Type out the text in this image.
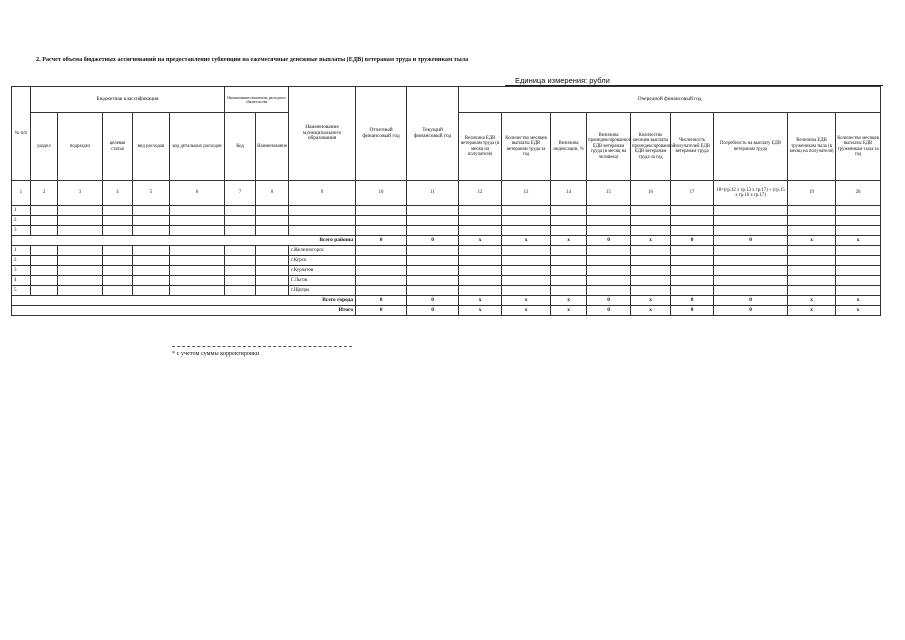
2. Расчет объема бюджетных ассигнований на предоставление субвенции на ежемесячные денежные выплаты (ЕДВ) ветеранам труда и труженикам тыла
Единица измерения: рубли
№ п/п	Бюджетная классификация					Наименование показателя, расходного обязательства		Наименование муниципального образования	Отчетный финансовый год	Текущий финансовый год	Очередной финансовый год								
	раздел	подраздел	целевая статья	вид расходов	код детальных расходов	Код	Наименование				Величина ЕДВ ветеранам труда (в месяц на получателя)	Количество месяцев выплаты ЕДВ ветеранам труда за год	Величина индексации, %	Величина проиндексированной ЕДВ ветеранам труда (в месяц на человека)	Количество месяцев выплаты проиндексированной ЕДВ ветеранам труда за год	Численность получателей ЕДВ ветеранам труда	Потребность на выплату ЕДВ ветеранам труда	Величина ЕДВ труженикам тыла (в месяц на получателя)	Количество месяцев выплаты ЕДВ труженикам тыла за год
1	2	3	4	5	6	7	8	9	10	11	12	13	14	15	16	17	18=(гр.12 х гр.13 х гр.17) + (гр.15 х гр.16 х гр.17)	19	20
1																			
2																			
3																			
Всего районы									0	0	x	x	x	0	x	0	0	x	x
1								г.Железногорск											
2								г.Курск											
3								г.Курчатов											
4								Г.Льгов											
5								г.Щигры											
Всего города									0	0	x	x	x	0	x	0	0	x	x
Итого									0	0	x	x	x	0	x	0	0	x	x
* с учетом суммы корректировки
